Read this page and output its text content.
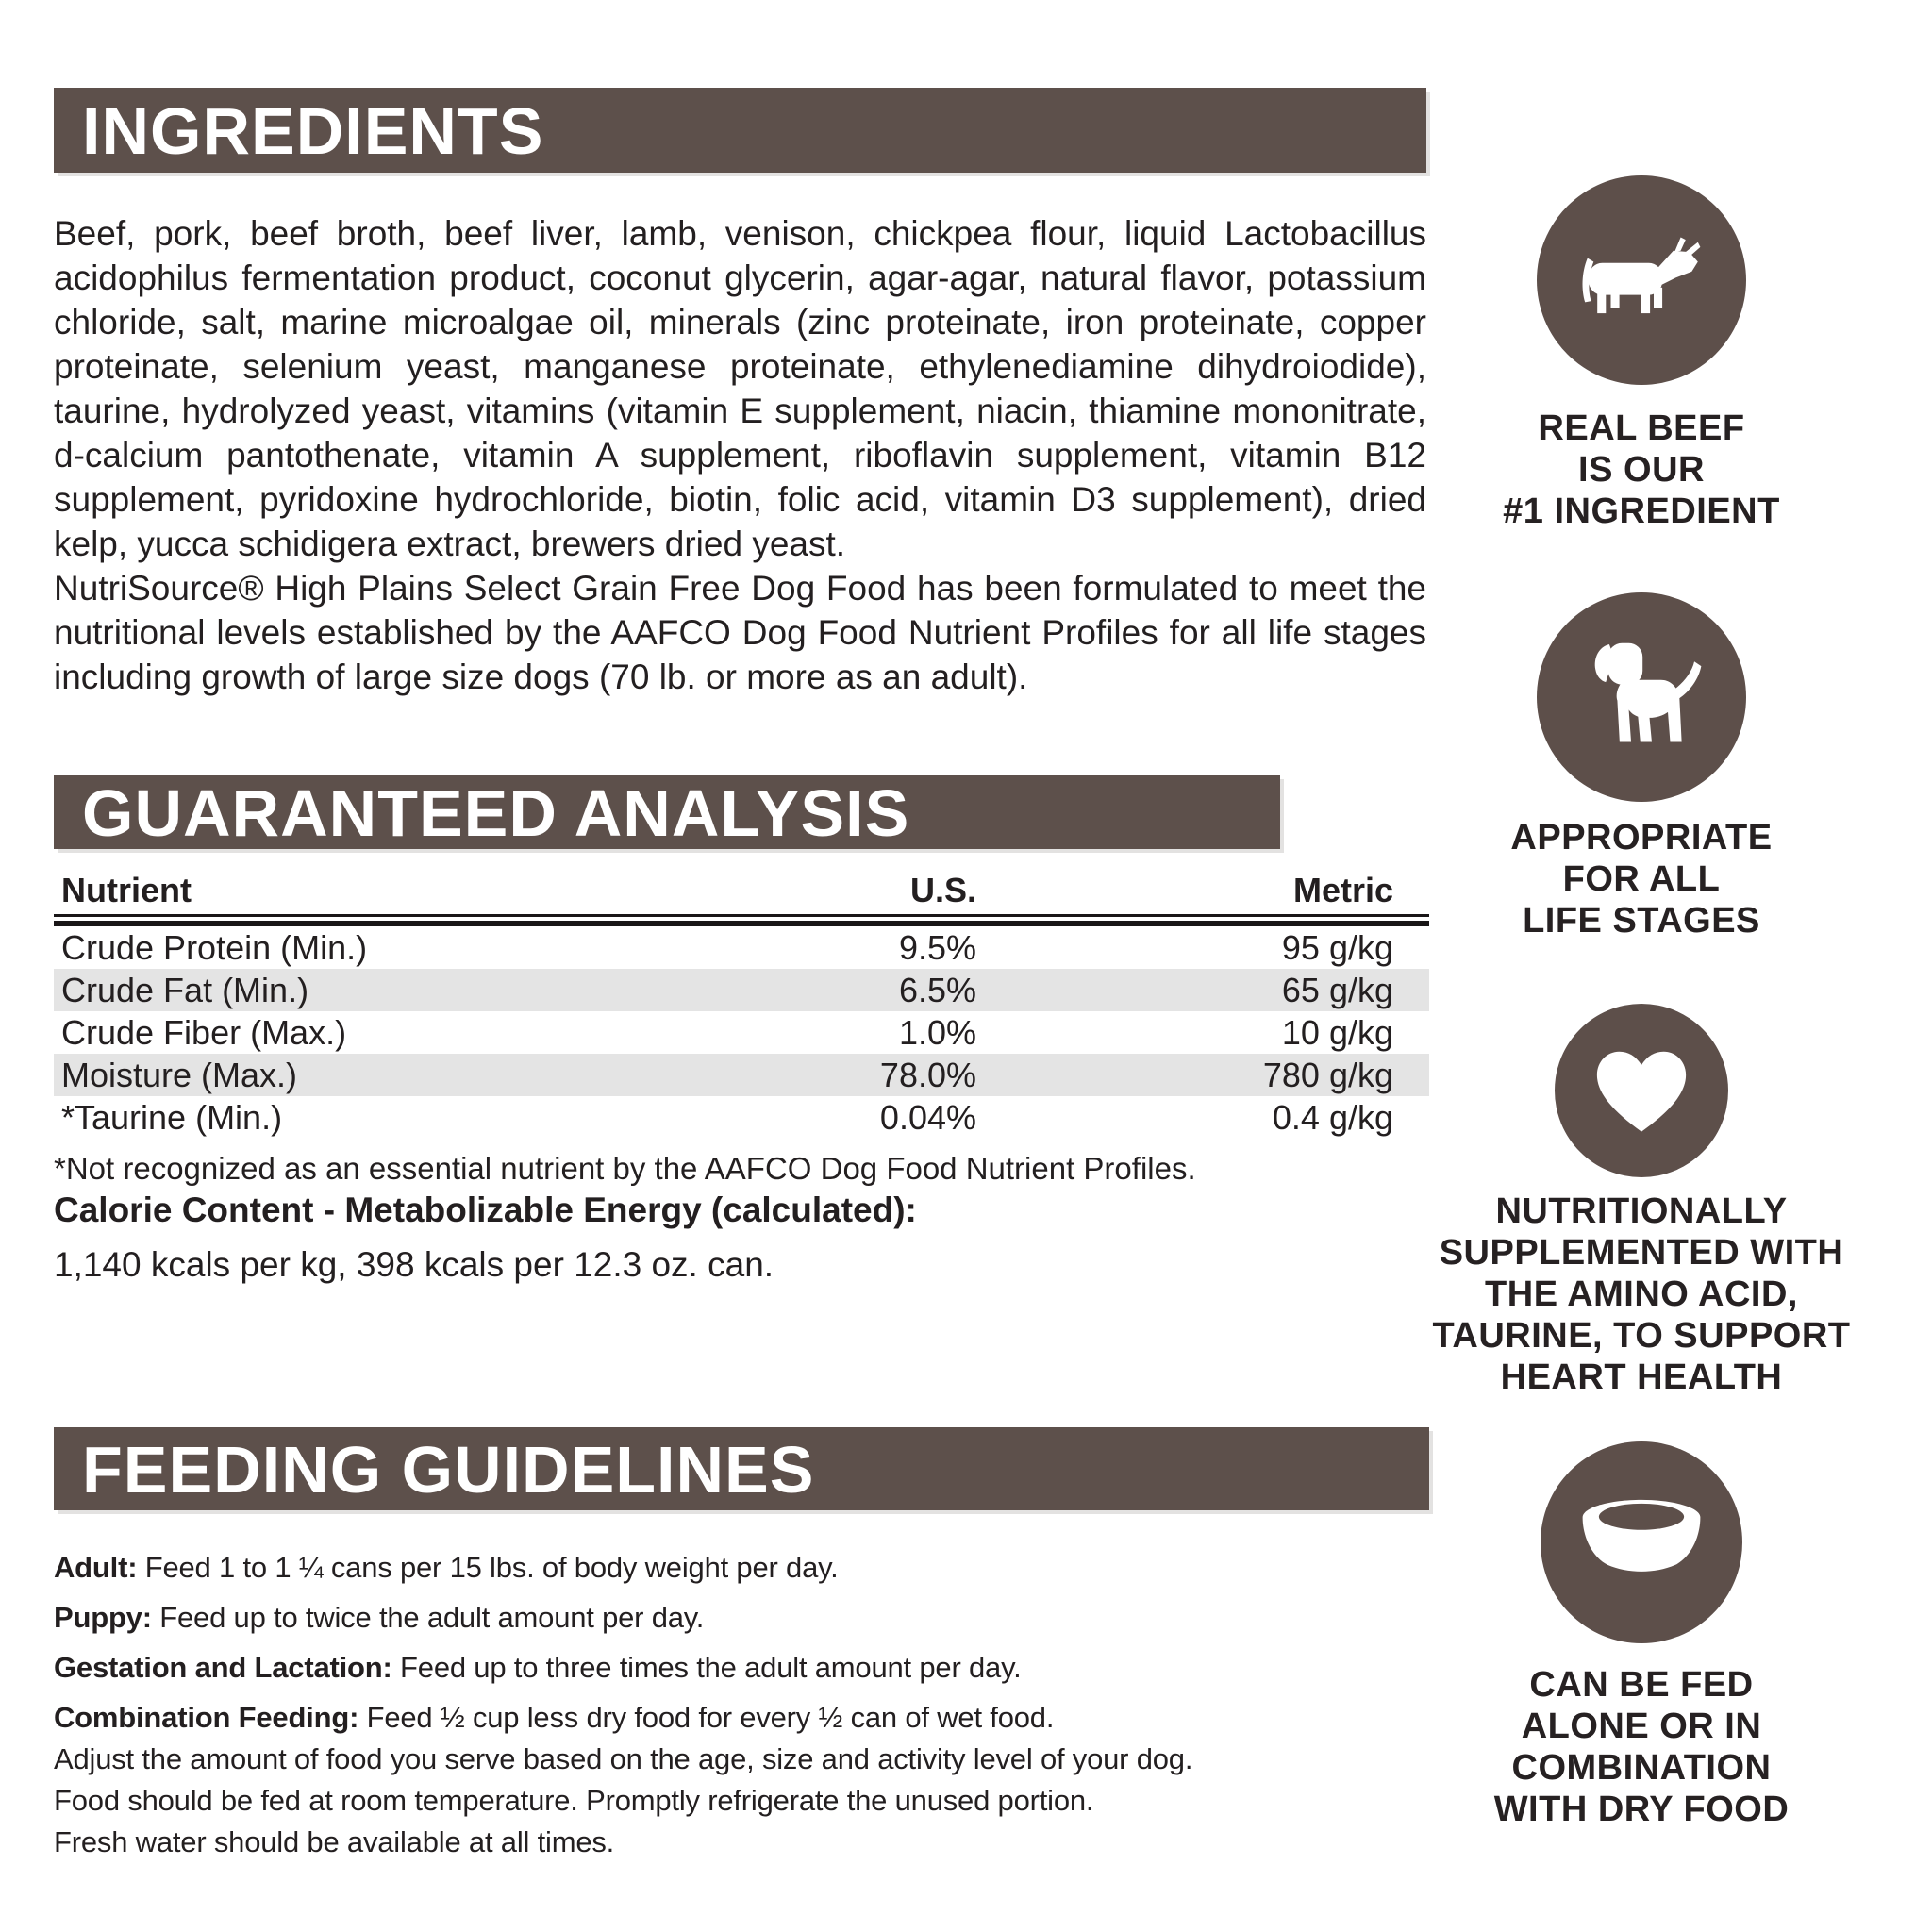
INGREDIENTS

Beef, pork, beef broth, beef liver, lamb, venison, chickpea flour, liquid Lactobacillus acidophilus fermentation product, coconut glycerin, agar-agar, natural flavor, potassium chloride, salt, marine microalgae oil, minerals (zinc proteinate, iron proteinate, copper proteinate, selenium yeast, manganese proteinate, ethylenediamine dihydroiodide), taurine, hydrolyzed yeast, vitamins (vitamin E supplement, niacin, thiamine mononitrate, d-calcium pantothenate, vitamin A supplement, riboflavin supplement, vitamin B12 supplement, pyridoxine hydrochloride, biotin, folic acid, vitamin D3 supplement), dried kelp, yucca schidigera extract, brewers dried yeast.

NutriSource® High Plains Select Grain Free Dog Food has been formulated to meet the nutritional levels established by the AAFCO Dog Food Nutrient Profiles for all life stages including growth of large size dogs (70 lb. or more as an adult).

GUARANTEED ANALYSIS
Nutrient	U.S.	Metric
Crude Protein (Min.)	9.5%	95 g/kg
Crude Fat (Min.)	6.5%	65 g/kg
Crude Fiber (Max.)	1.0%	10 g/kg
Moisture (Max.)	78.0%	780 g/kg
*Taurine (Min.)	0.04%	0.4 g/kg
*Not recognized as an essential nutrient by the AAFCO Dog Food Nutrient Profiles.
Calorie Content - Metabolizable Energy (calculated):
1,140 kcals per kg, 398 kcals per 12.3 oz. can.
FEEDING GUIDELINES
Adult: Feed 1 to 1 ¼ cans per 15 lbs. of body weight per day.
Puppy: Feed up to twice the adult amount per day.
Gestation and Lactation: Feed up to three times the adult amount per day.
Combination Feeding: Feed ½ cup less dry food for every ½ can of wet food.
Adjust the amount of food you serve based on the age, size and activity level of your dog.
Food should be fed at room temperature. Promptly refrigerate the unused portion.
Fresh water should be available at all times.
REAL BEEF
IS OUR
#1 INGREDIENT
APPROPRIATE
FOR ALL
LIFE STAGES
NUTRITIONALLY
SUPPLEMENTED WITH
THE AMINO ACID,
TAURINE, TO SUPPORT
HEART HEALTH
CAN BE FED
ALONE OR IN
COMBINATION
WITH DRY FOOD
